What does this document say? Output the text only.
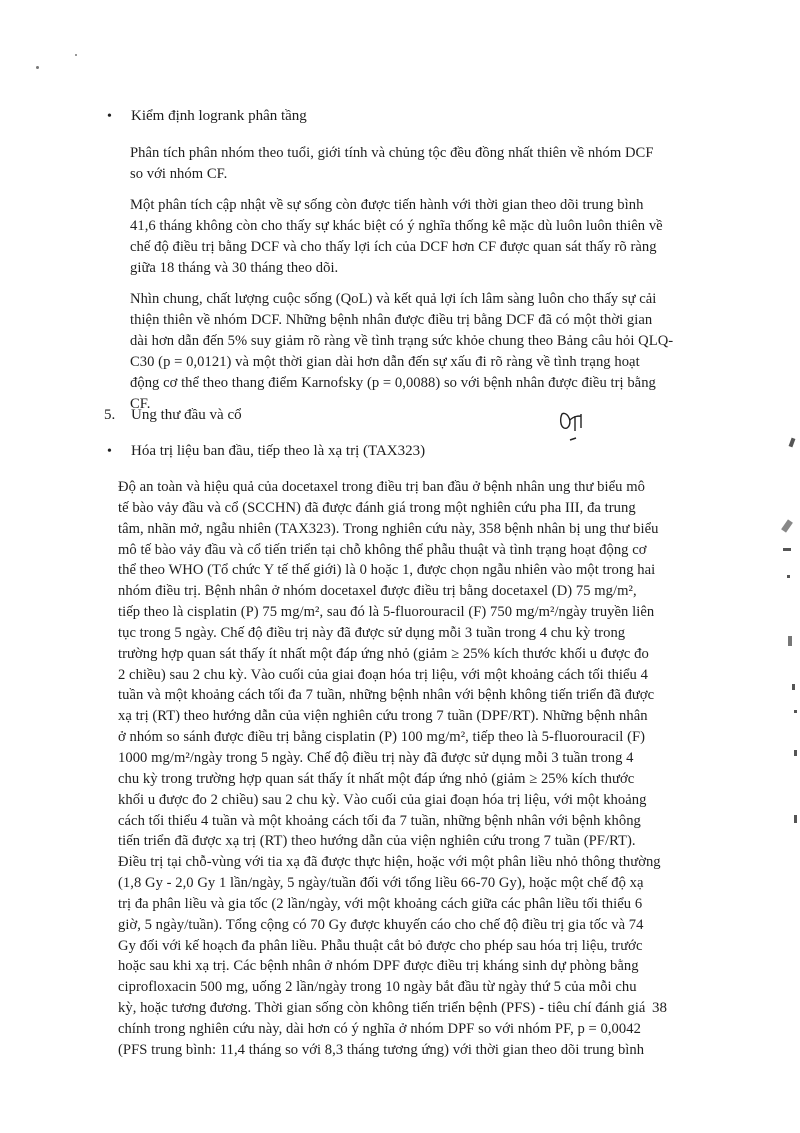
•	Kiểm định logrank phân tầng
Phân tích phân nhóm theo tuổi, giới tính và chủng tộc đều đồng nhất thiên về nhóm DCF
so với nhóm CF.
Một phân tích cập nhật về sự sống còn được tiến hành với thời gian theo dõi trung bình
41,6 tháng không còn cho thấy sự khác biệt có ý nghĩa thống kê mặc dù luôn luôn thiên về
chế độ điều trị bằng DCF và cho thấy lợi ích của DCF hơn CF được quan sát thấy rõ ràng
giữa 18 tháng và 30 tháng theo dõi.
Nhìn chung, chất lượng cuộc sống (QoL) và kết quả lợi ích lâm sàng luôn cho thấy sự cải
thiện thiên về nhóm DCF. Những bệnh nhân được điều trị bằng DCF đã có một thời gian
dài hơn dẫn đến 5% suy giảm rõ ràng về tình trạng sức khỏe chung theo Bảng câu hỏi QLQ-
C30 (p = 0,0121) và một thời gian dài hơn dẫn đến sự xấu đi rõ ràng về tình trạng hoạt
động cơ thể theo thang điểm Karnofsky (p = 0,0088) so với bệnh nhân được điều trị bằng
CF.
5.	Ung thư đầu và cổ
•	Hóa trị liệu ban đầu, tiếp theo là xạ trị (TAX323)
Độ an toàn và hiệu quả của docetaxel trong điều trị ban đầu ở bệnh nhân ung thư biểu mô
tế bào vảy đầu và cổ (SCCHN) đã được đánh giá trong một nghiên cứu pha III, đa trung
tâm, nhãn mở, ngẫu nhiên (TAX323). Trong nghiên cứu này, 358 bệnh nhân bị ung thư biểu
mô tế bào vảy đầu và cổ tiến triển tại chỗ không thể phẫu thuật và tình trạng hoạt động cơ
thể theo WHO (Tổ chức Y tế thế giới) là 0 hoặc 1, được chọn ngẫu nhiên vào một trong hai
nhóm điều trị. Bệnh nhân ở nhóm docetaxel được điều trị bằng docetaxel (D) 75 mg/m²,
tiếp theo là cisplatin (P) 75 mg/m², sau đó là 5-fluorouracil (F) 750 mg/m²/ngày truyền liên
tục trong 5 ngày. Chế độ điều trị này đã được sử dụng mỗi 3 tuần trong 4 chu kỳ trong
trường hợp quan sát thấy ít nhất một đáp ứng nhỏ (giảm ≥ 25% kích thước khối u được đo
2 chiều) sau 2 chu kỳ. Vào cuối của giai đoạn hóa trị liệu, với một khoảng cách tối thiểu 4
tuần và một khoảng cách tối đa 7 tuần, những bệnh nhân với bệnh không tiến triển đã được
xạ trị (RT) theo hướng dẫn của viện nghiên cứu trong 7 tuần (DPF/RT). Những bệnh nhân
ở nhóm so sánh được điều trị bằng cisplatin (P) 100 mg/m², tiếp theo là 5-fluorouracil (F)
1000 mg/m²/ngày trong 5 ngày. Chế độ điều trị này đã được sử dụng mỗi 3 tuần trong 4
chu kỳ trong trường hợp quan sát thấy ít nhất một đáp ứng nhỏ (giảm ≥ 25% kích thước
khối u được đo 2 chiều) sau 2 chu kỳ. Vào cuối của giai đoạn hóa trị liệu, với một khoảng
cách tối thiểu 4 tuần và một khoảng cách tối đa 7 tuần, những bệnh nhân với bệnh không
tiến triển đã được xạ trị (RT) theo hướng dẫn của viện nghiên cứu trong 7 tuần (PF/RT).
Điều trị tại chỗ-vùng với tia xạ đã được thực hiện, hoặc với một phân liều nhỏ thông thường
(1,8 Gy - 2,0 Gy 1 lần/ngày, 5 ngày/tuần đối với tổng liều 66-70 Gy), hoặc một chế độ xạ
trị đa phân liều và gia tốc (2 lần/ngày, với một khoảng cách giữa các phân liều tối thiểu 6
giờ, 5 ngày/tuần). Tổng cộng có 70 Gy được khuyến cáo cho chế độ điều trị gia tốc và 74
Gy đối với kế hoạch đa phân liều. Phẫu thuật cắt bỏ được cho phép sau hóa trị liệu, trước
hoặc sau khi xạ trị. Các bệnh nhân ở nhóm DPF được điều trị kháng sinh dự phòng bằng
ciprofloxacin 500 mg, uống 2 lần/ngày trong 10 ngày bắt đầu từ ngày thứ 5 của mỗi chu
kỳ, hoặc tương đương. Thời gian sống còn không tiến triển bệnh (PFS) - tiêu chí đánh giá
chính trong nghiên cứu này, dài hơn có ý nghĩa ở nhóm DPF so với nhóm PF, p = 0,0042
(PFS trung bình: 11,4 tháng so với 8,3 tháng tương ứng) với thời gian theo dõi trung bình
38
